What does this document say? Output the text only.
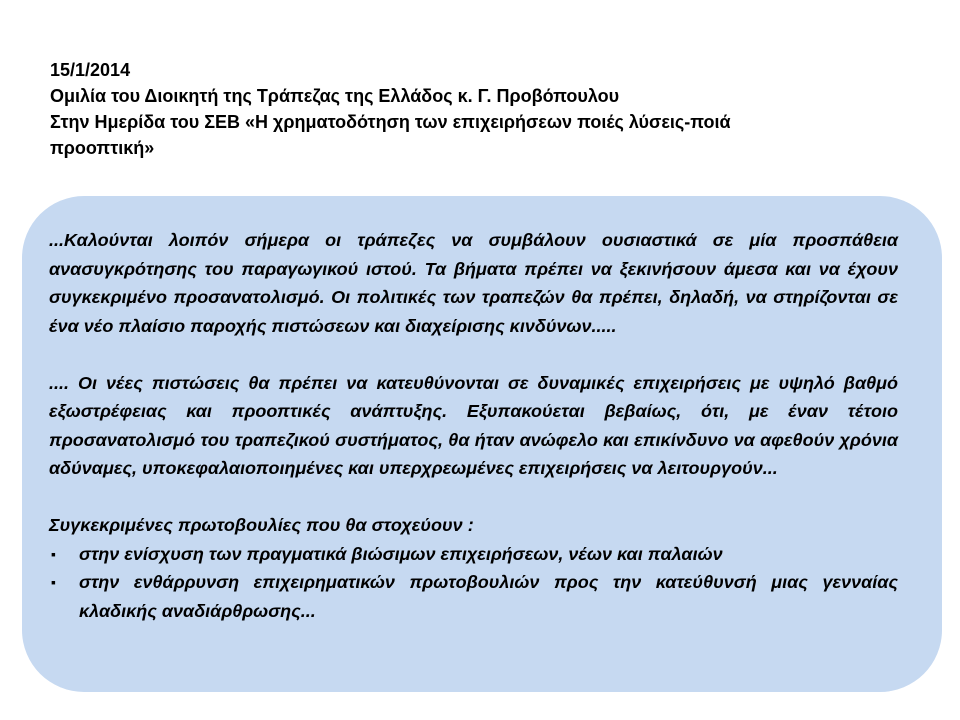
15/1/2014
Ομιλία του Διοικητή της Τράπεζας της Ελλάδος κ. Γ. Προβόπουλου
Στην Ημερίδα του ΣΕΒ «Η χρηματοδότηση των επιχειρήσεων ποιές λύσεις-ποιά προοπτική»

...Καλούνται λοιπόν σήμερα οι τράπεζες να συμβάλουν ουσιαστικά σε μία προσπάθεια ανασυγκρότησης του παραγωγικού ιστού. Τα βήματα πρέπει να ξεκινήσουν άμεσα και να έχουν συγκεκριμένο προσανατολισμό. Οι πολιτικές των τραπεζών θα πρέπει, δηλαδή, να στηρίζονται σε ένα νέο πλαίσιο παροχής πιστώσεων και διαχείρισης κινδύνων.....

.... Οι νέες πιστώσεις θα πρέπει να κατευθύνονται σε δυναμικές επιχειρήσεις με υψηλό βαθμό εξωστρέφειας και προοπτικές ανάπτυξης. Εξυπακούεται βεβαίως, ότι, με έναν τέτοιο προσανατολισμό του τραπεζικού συστήματος, θα ήταν ανώφελο και επικίνδυνο να αφεθούν χρόνια αδύναμες, υποκεφαλαιοποιημένες και υπερχρεωμένες επιχειρήσεις να λειτουργούν...

Συγκεκριμένες πρωτοβουλίες που θα στοχεύουν :

▪ στην ενίσχυση των πραγματικά βιώσιμων επιχειρήσεων, νέων και παλαιών
▪ στην ενθάρρυνση επιχειρηματικών πρωτοβουλιών προς την κατεύθυνσή μιας γενναίας κλαδικής αναδιάρθρωσης...
